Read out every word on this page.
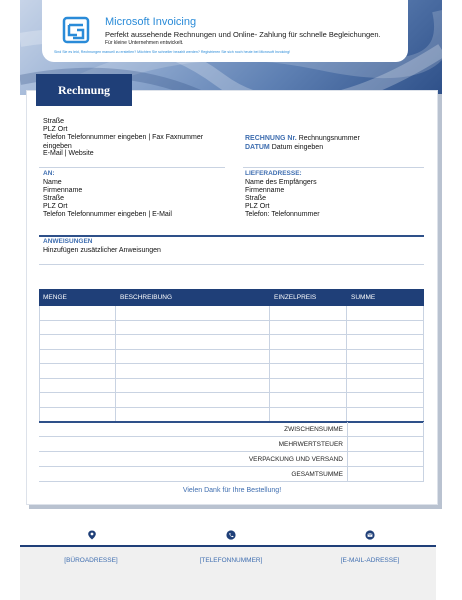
Microsoft Invoicing
Perfekt aussehende Rechnungen und Online- Zahlung für schnelle Begleichungen.
Für kleine Unternehmen entwickelt.
Sind Sie es leid, Rechnungen manuell zu erstellen? Möchten Sie schneller bezahlt werden? Registrieren Sie sich noch heute bei Microsoft Invoicing!
Rechnung
Straße
PLZ Ort
Telefon Telefonnummer eingeben | Fax Faxnummer eingeben
E-Mail | Website
RECHNUNG Nr. Rechnungsnummer
DATUM Datum eingeben
AN:
Name
Firmenname
Straße
PLZ Ort
Telefon Telefonnummer eingeben | E-Mail
LIEFERADRESSE:
Name des Empfängers
Firmenname
Straße
PLZ Ort
Telefon: Telefonnummer
ANWEISUNGEN
Hinzufügen zusätzlicher Anweisungen
MENGE	BESCHREIBUNG	EINZELPREIS	SUMME
ZWISCHENSUMME
MEHRWERTSTEUER
VERPACKUNG UND VERSAND
GESAMTSUMME
Vielen Dank für Ihre Bestellung!
[BÜROADRESSE]	[TELEFONNUMMER]	[E-MAIL-ADRESSE]
